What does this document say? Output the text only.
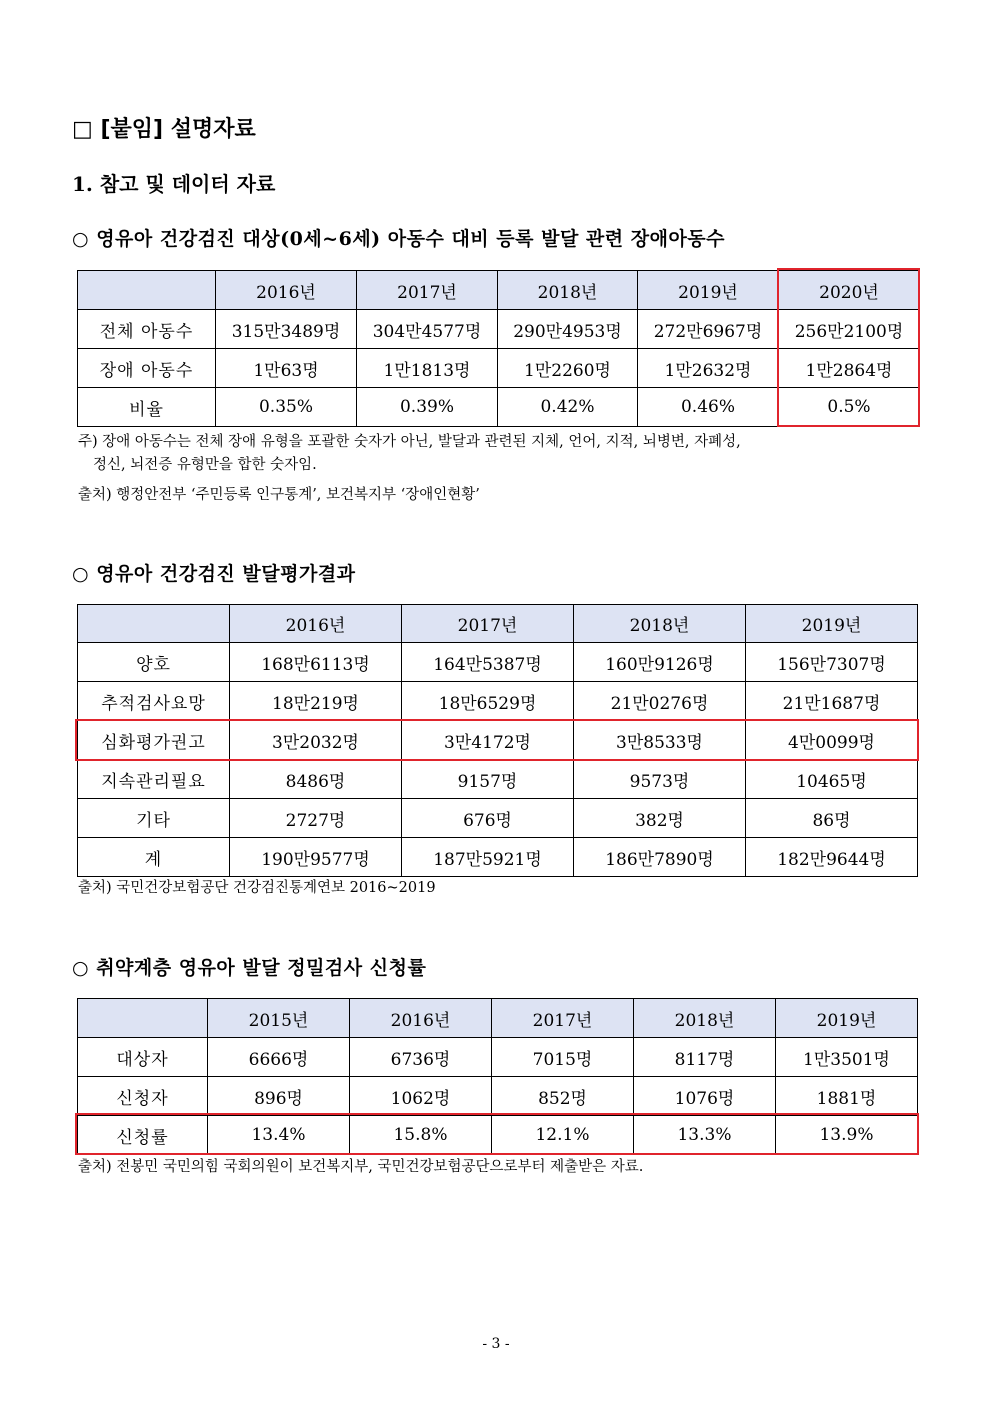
□ [붙임] 설명자료
1. 참고 및 데이터 자료
○ 영유아 건강검진 대상(0세~6세) 아동수 대비 등록 발달 관련 장애아동수
	2016년	2017년	2018년	2019년	2020년
전체 아동수	315만3489명	304만4577명	290만4953명	272만6967명	256만2100명
장애 아동수	1만63명	1만1813명	1만2260명	1만2632명	1만2864명
비율	0.35%	0.39%	0.42%	0.46%	0.5%
주) 장애 아동수는 전체 장애 유형을 포괄한 숫자가 아닌, 발달과 관련된 지체, 언어, 지적, 뇌병변, 자폐성,
정신, 뇌전증 유형만을 합한 숫자임.
출처) 행정안전부 ‘주민등록 인구통계’, 보건복지부 ‘장애인현황’
○ 영유아 건강검진 발달평가결과
	2016년	2017년	2018년	2019년
양호	168만6113명	164만5387명	160만9126명	156만7307명
추적검사요망	18만219명	18만6529명	21만0276명	21만1687명
심화평가권고	3만2032명	3만4172명	3만8533명	4만0099명
지속관리필요	8486명	9157명	9573명	10465명
기타	2727명	676명	382명	86명
계	190만9577명	187만5921명	186만7890명	182만9644명
출처) 국민건강보험공단 건강검진통계연보 2016~2019
○ 취약계층 영유아 발달 정밀검사 신청률
	2015년	2016년	2017년	2018년	2019년
대상자	6666명	6736명	7015명	8117명	1만3501명
신청자	896명	1062명	852명	1076명	1881명
신청률	13.4%	15.8%	12.1%	13.3%	13.9%
출처) 전봉민 국민의힘 국회의원이 보건복지부, 국민건강보험공단으로부터 제출받은 자료.
- 3 -
